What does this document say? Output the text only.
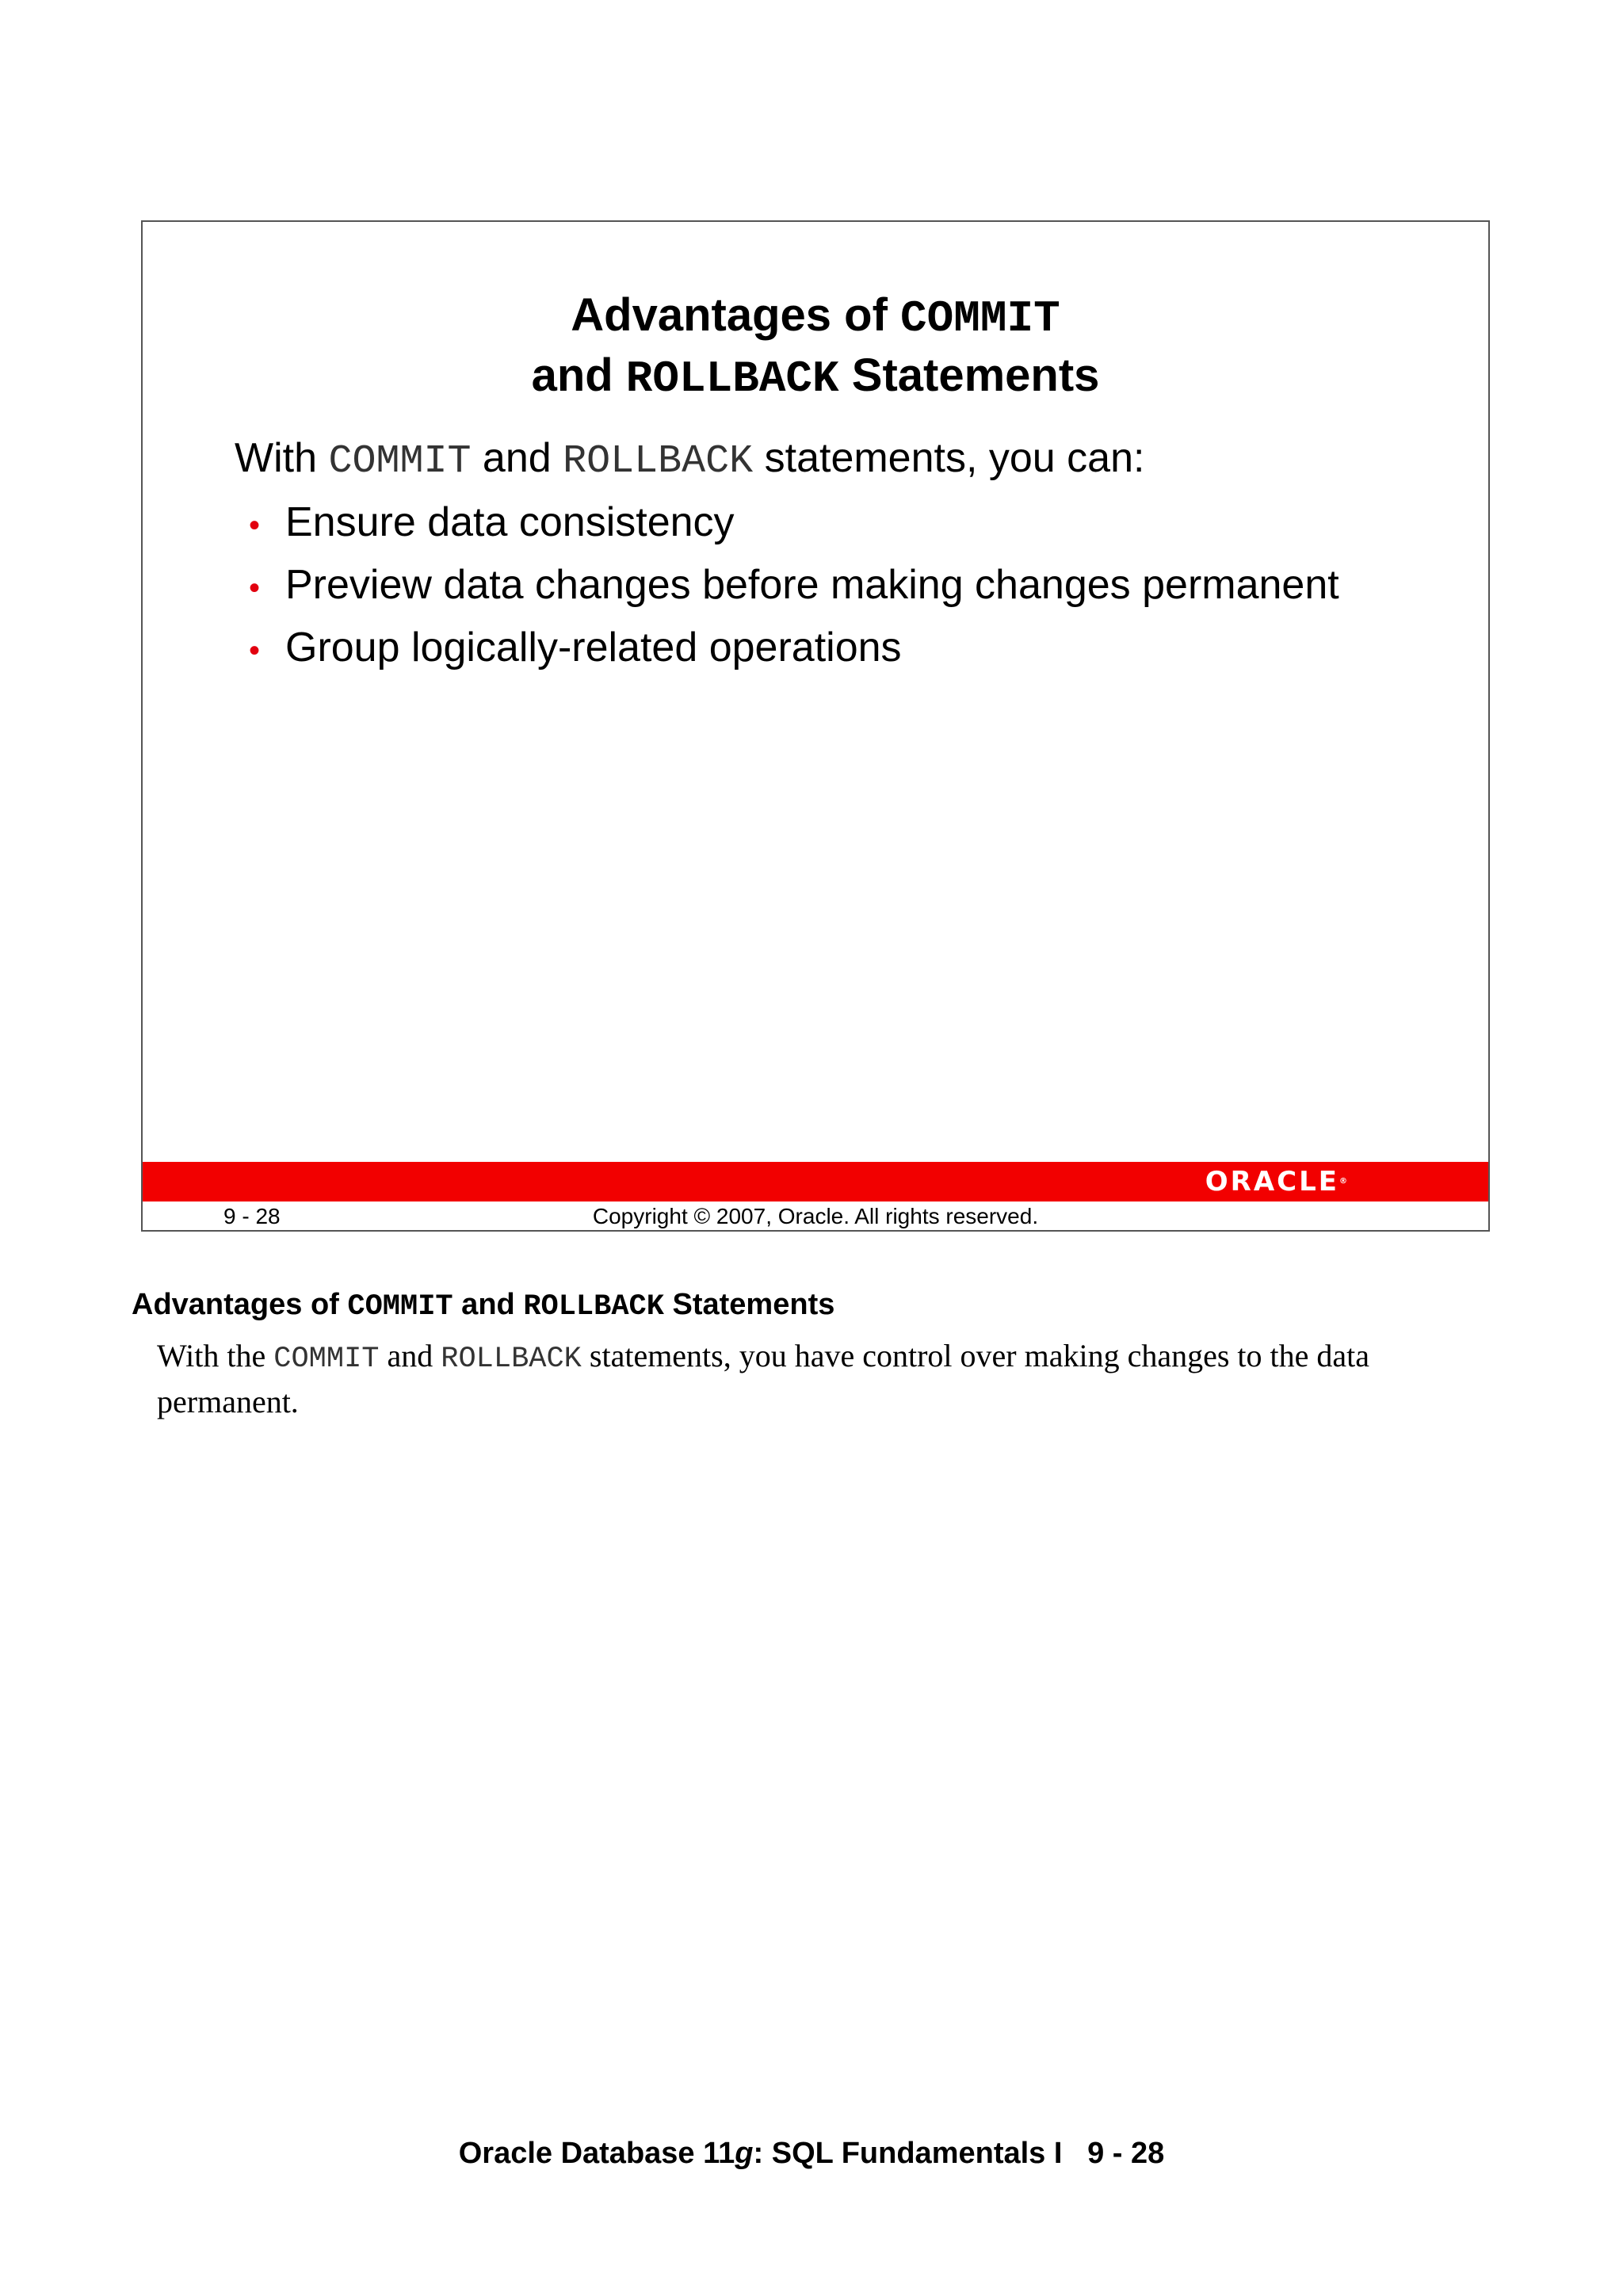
Advantages of COMMIT
and ROLLBACK Statements
With COMMIT and ROLLBACK statements, you can:
• Ensure data consistency
• Preview data changes before making changes permanent
• Group logically-related operations
ORACLE®
9 - 28	Copyright © 2007, Oracle. All rights reserved.
Advantages of COMMIT and ROLLBACK Statements
With the COMMIT and ROLLBACK statements, you have control over making changes to the data permanent.
Oracle Database 11g: SQL Fundamentals I   9 - 28
